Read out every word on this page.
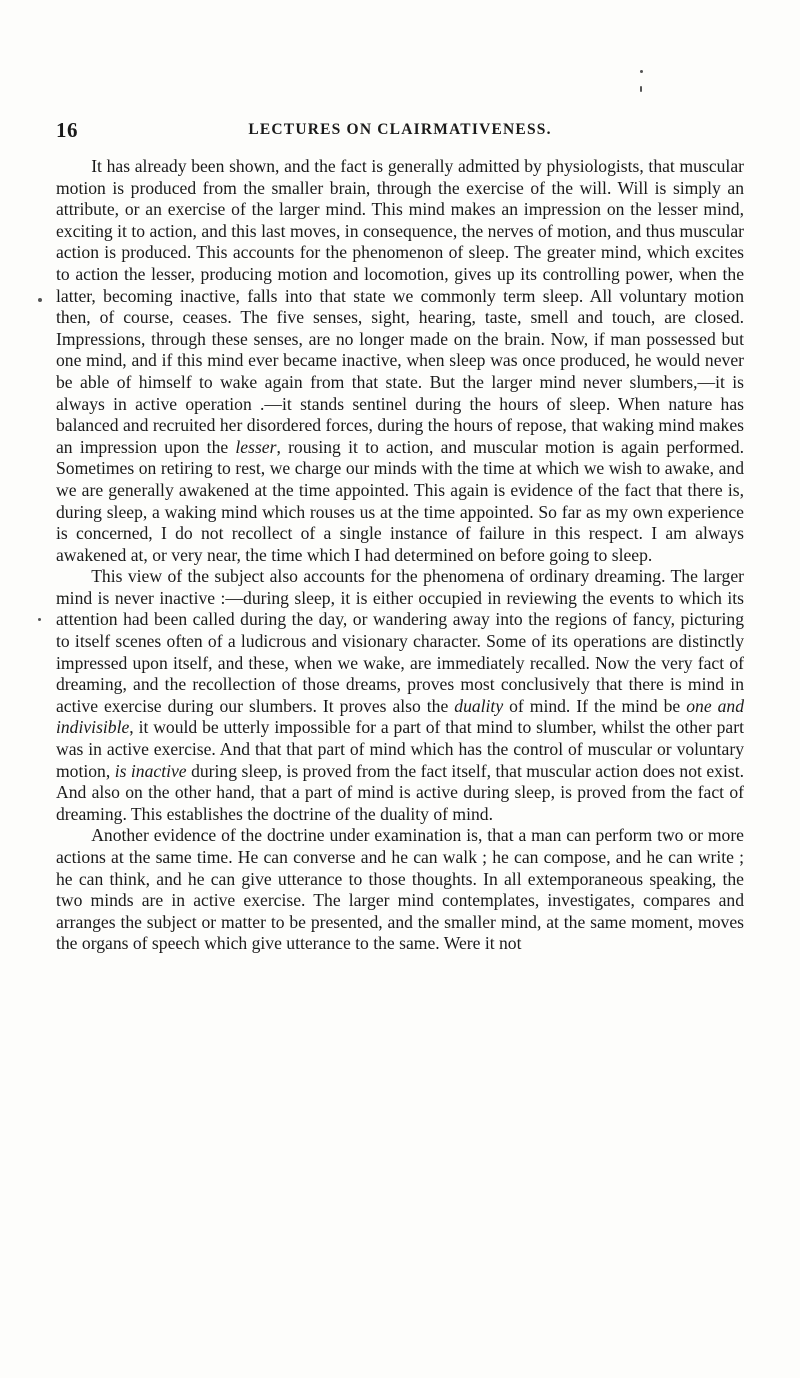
16	LECTURES ON CLAIRMATIVENESS.

It has already been shown, and the fact is generally admitted by physiologists, that muscular motion is produced from the smaller brain, through the exercise of the will. Will is simply an attribute, or an exercise of the larger mind. This mind makes an impression on the lesser mind, exciting it to action, and this last moves, in consequence, the nerves of motion, and thus muscular action is produced. This accounts for the phenomenon of sleep. The greater mind, which excites to action the lesser, producing motion and locomotion, gives up its controlling power, when the latter, becoming inactive, falls into that state we commonly term sleep. All voluntary motion then, of course, ceases. The five senses, sight, hearing, taste, smell and touch, are closed. Impressions, through these senses, are no longer made on the brain. Now, if man possessed but one mind, and if this mind ever became inactive, when sleep was once produced, he would never be able of himself to wake again from that state. But the larger mind never slumbers,—it is always in active operation .—it stands sentinel during the hours of sleep. When nature has balanced and recruited her disordered forces, during the hours of repose, that waking mind makes an impression upon the lesser, rousing it to action, and muscular motion is again performed. Sometimes on retiring to rest, we charge our minds with the time at which we wish to awake, and we are generally awakened at the time appointed. This again is evidence of the fact that there is, during sleep, a waking mind which rouses us at the time appointed. So far as my own experience is concerned, I do not recollect of a single instance of failure in this respect. I am always awakened at, or very near, the time which I had determined on before going to sleep.

This view of the subject also accounts for the phenomena of ordinary dreaming. The larger mind is never inactive :—during sleep, it is either occupied in reviewing the events to which its attention had been called during the day, or wandering away into the regions of fancy, picturing to itself scenes often of a ludicrous and visionary character. Some of its operations are distinctly impressed upon itself, and these, when we wake, are immediately recalled. Now the very fact of dreaming, and the recollection of those dreams, proves most conclusively that there is mind in active exercise during our slumbers. It proves also the duality of mind. If the mind be one and indivisible, it would be utterly impossible for a part of that mind to slumber, whilst the other part was in active exercise. And that that part of mind which has the control of muscular or voluntary motion, is inactive during sleep, is proved from the fact itself, that muscular action does not exist. And also on the other hand, that a part of mind is active during sleep, is proved from the fact of dreaming. This establishes the doctrine of the duality of mind.

Another evidence of the doctrine under examination is, that a man can perform two or more actions at the same time. He can converse and he can walk ; he can compose, and he can write ; he can think, and he can give utterance to those thoughts. In all extemporaneous speaking, the two minds are in active exercise. The larger mind contemplates, investigates, compares and arranges the subject or matter to be presented, and the smaller mind, at the same moment, moves the organs of speech which give utterance to the same. Were it not
